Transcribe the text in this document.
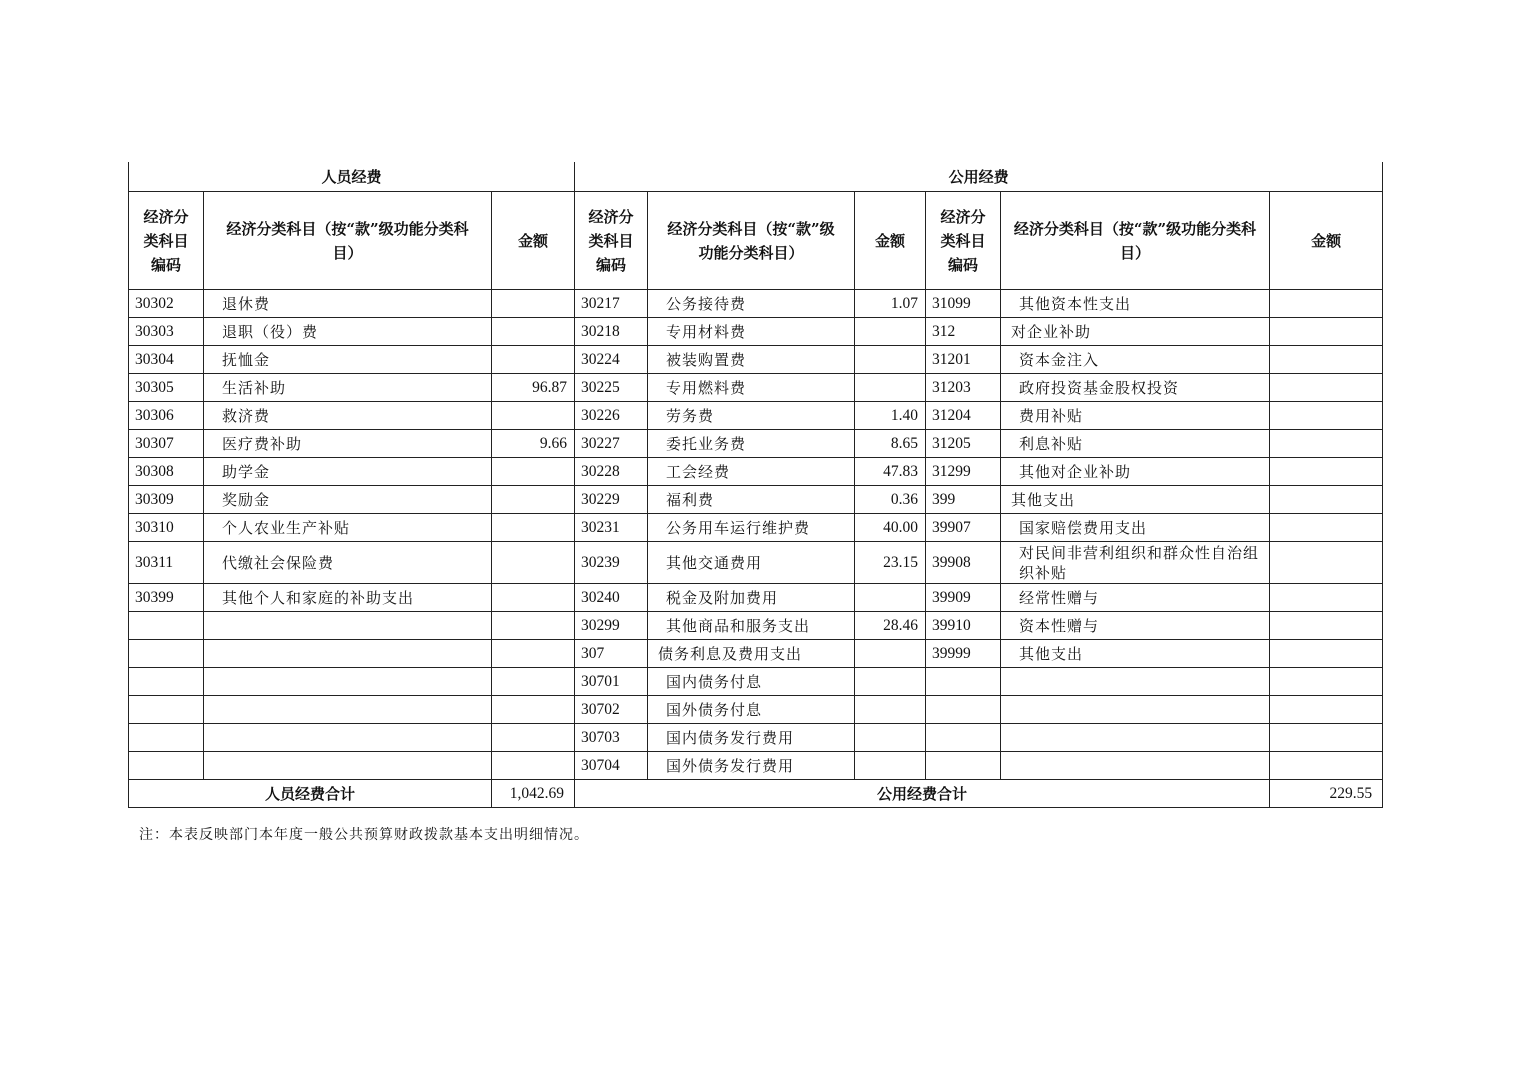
人员经费			公用经费					
经济分类科目编码	经济分类科目（按“款”级功能分类科目）	金额	经济分类科目编码	经济分类科目（按“款”级功能分类科目）	金额	经济分类科目编码	经济分类科目（按“款”级功能分类科目）	金额
30302	退休费		30217	公务接待费	1.07	31099	其他资本性支出	
30303	退职（役）费		30218	专用材料费		312	对企业补助	
30304	抚恤金		30224	被装购置费		31201	资本金注入	
30305	生活补助	96.87	30225	专用燃料费		31203	政府投资基金股权投资	
30306	救济费		30226	劳务费	1.40	31204	费用补贴	
30307	医疗费补助	9.66	30227	委托业务费	8.65	31205	利息补贴	
30308	助学金		30228	工会经费	47.83	31299	其他对企业补助	
30309	奖励金		30229	福利费	0.36	399	其他支出	
30310	个人农业生产补贴		30231	公务用车运行维护费	40.00	39907	国家赔偿费用支出	
30311	代缴社会保险费		30239	其他交通费用	23.15	39908	对民间非营利组织和群众性自治组织补贴	
30399	其他个人和家庭的补助支出		30240	税金及附加费用		39909	经常性赠与	
			30299	其他商品和服务支出	28.46	39910	资本性赠与	
			307	债务利息及费用支出		39999	其他支出	
			30701	国内债务付息				
			30702	国外债务付息				
			30703	国内债务发行费用				
			30704	国外债务发行费用				
人员经费合计		1,042.69	公用经费合计					229.55
注：本表反映部门本年度一般公共预算财政拨款基本支出明细情况。
